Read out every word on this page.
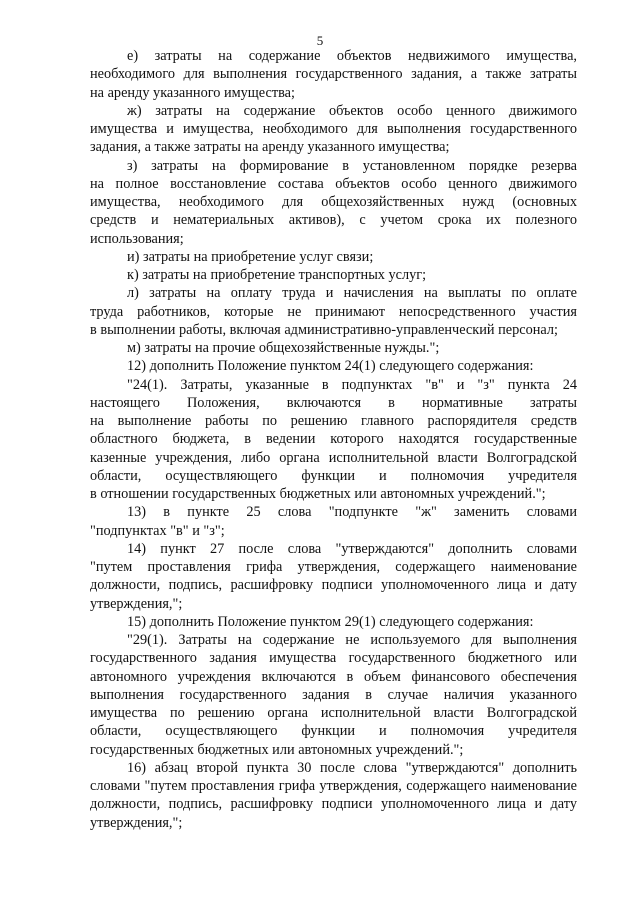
5
е) затраты на содержание объектов недвижимого имущества,
необходимого для выполнения государственного задания, а также затраты
на аренду указанного имущества;
ж) затраты на содержание объектов особо ценного движимого
имущества и имущества, необходимого для выполнения государственного
задания, а также затраты на аренду указанного имущества;
з) затраты на формирование в установленном порядке резерва
на полное восстановление состава объектов особо ценного движимого
имущества, необходимого для общехозяйственных нужд (основных
средств и нематериальных активов), с учетом срока их полезного
использования;
и) затраты на приобретение услуг связи;
к) затраты на приобретение транспортных услуг;
л) затраты на оплату труда и начисления на выплаты по оплате
труда работников, которые не принимают непосредственного участия
в выполнении работы, включая административно-управленческий персонал;
м) затраты на прочие общехозяйственные нужды.";
12) дополнить Положение пунктом 24(1) следующего содержания:
"24(1). Затраты, указанные в подпунктах "в" и "з" пункта 24
настоящего Положения, включаются в нормативные затраты
на выполнение работы по решению главного распорядителя средств
областного бюджета, в ведении которого находятся государственные
казенные учреждения, либо органа исполнительной власти Волгоградской
области, осуществляющего функции и полномочия учредителя
в отношении государственных бюджетных или автономных учреждений.";
13) в пункте 25 слова "подпункте "ж" заменить словами
"подпунктах "в" и "з";
14) пункт 27 после слова "утверждаются" дополнить словами
"путем проставления грифа утверждения, содержащего наименование
должности, подпись, расшифровку подписи уполномоченного лица и дату
утверждения,";
15) дополнить Положение пунктом 29(1) следующего содержания:
"29(1). Затраты на содержание не используемого для выполнения
государственного задания имущества государственного бюджетного или
автономного учреждения включаются в объем финансового обеспечения
выполнения государственного задания в случае наличия указанного
имущества по решению органа исполнительной власти Волгоградской
области, осуществляющего функции и полномочия учредителя
государственных бюджетных или автономных учреждений.";
16) абзац второй пункта 30 после слова "утверждаются" дополнить
словами "путем проставления грифа утверждения, содержащего наименование
должности, подпись, расшифровку подписи уполномоченного лица и дату
утверждения,";
